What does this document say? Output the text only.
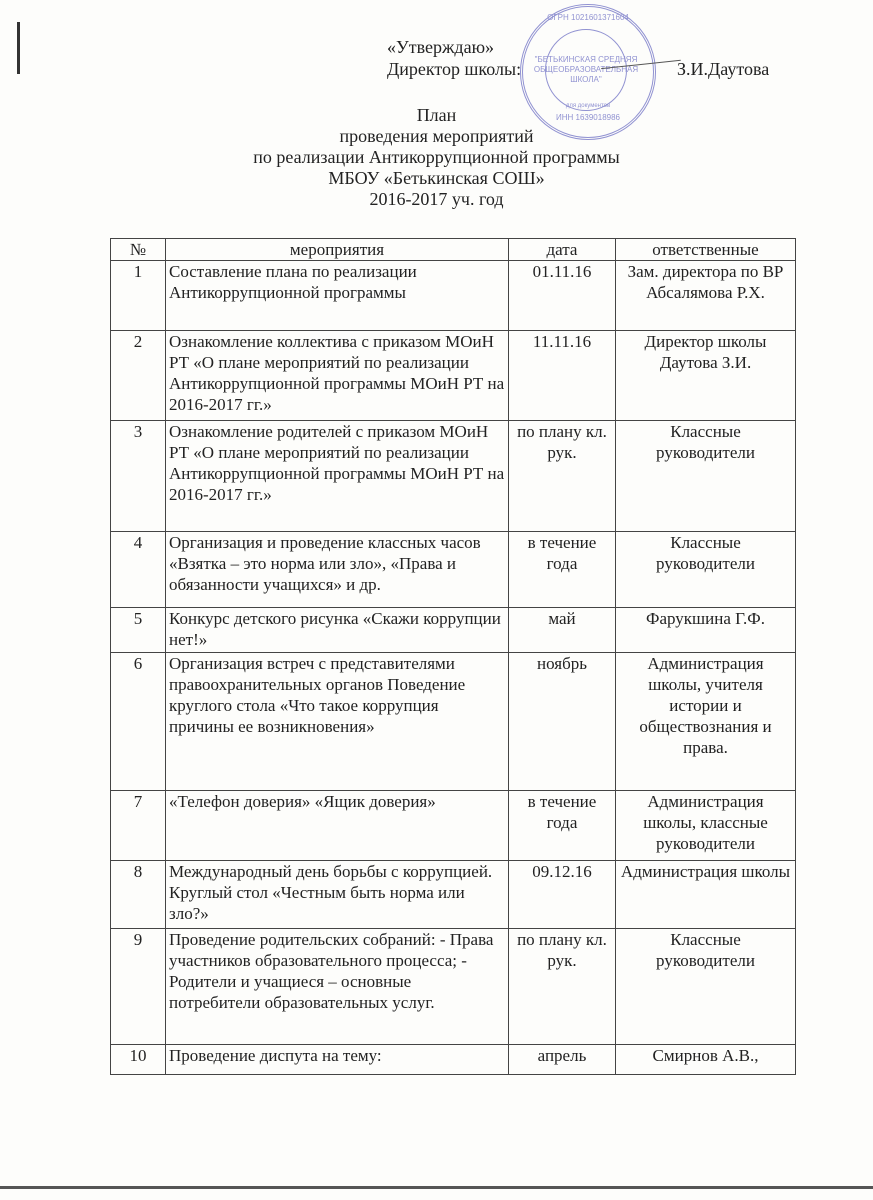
«Утверждаю»
Директор школы:	З.И.Даутова
ОГРН 1021601371604
"БЕТЬКИНСКАЯ СРЕДНЯЯ ОБЩЕОБРАЗОВАТЕЛЬНАЯ ШКОЛА"
ИНН 1639018986
для документов
План
проведения мероприятий
по реализации Антикоррупционной программы
МБОУ «Бетькинская СОШ»
2016-2017 уч. год
№	мероприятия	дата	ответственные
1	Составление плана по реализации Антикоррупционной программы	01.11.16	Зам. директора по ВР Абсалямова Р.Х.
2	Ознакомление коллектива с приказом МОиН РТ «О плане мероприятий по реализации Антикоррупционной программы МОиН РТ на 2016-2017 гг.»	11.11.16	Директор школы Даутова З.И.
3	Ознакомление родителей с приказом МОиН РТ «О плане мероприятий по реализации Антикоррупционной программы МОиН РТ на 2016-2017 гг.»	по плану кл. рук.	Классные руководители
4	Организация и проведение классных часов «Взятка – это норма или зло», «Права и обязанности учащихся» и др.	в течение года	Классные руководители
5	Конкурс детского рисунка «Скажи коррупции нет!»	май	Фарукшина Г.Ф.
6	Организация встреч с представителями правоохранительных органов Поведение круглого стола «Что такое коррупция причины ее возникновения»	ноябрь	Администрация школы, учителя истории и обществознания и права.
7	«Телефон доверия» «Ящик доверия»	в течение года	Администрация школы, классные руководители
8	Международный день борьбы с коррупцией. Круглый стол «Честным быть норма или зло?»	09.12.16	Администрация школы
9	Проведение родительских собраний: - Права участников образовательного процесса; - Родители и учащиеся – основные потребители образовательных услуг.	по плану кл. рук.	Классные руководители
10	Проведение диспута на тему:	апрель	Смирнов А.В.,
